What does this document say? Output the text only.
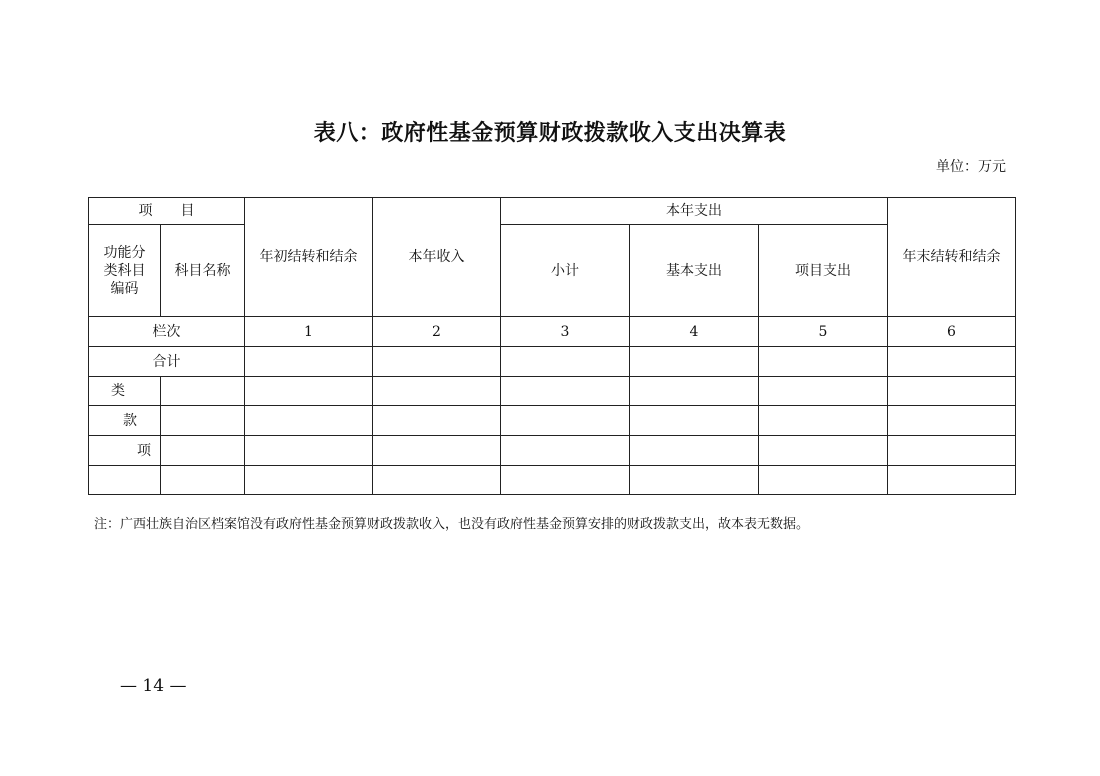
表八：政府性基金预算财政拨款收入支出决算表
单位：万元
项　　目		年初结转和结余	本年收入	本年支出			年末结转和结余

功能分
类科目
编码	科目名称			小计	基本支出	项目支出	
栏次		1	2	3	4	5	6
合计							
类							
款							
项							

注：广西壮族自治区档案馆没有政府性基金预算财政拨款收入，也没有政府性基金预算安排的财政拨款支出，故本表无数据。
— 14 —
